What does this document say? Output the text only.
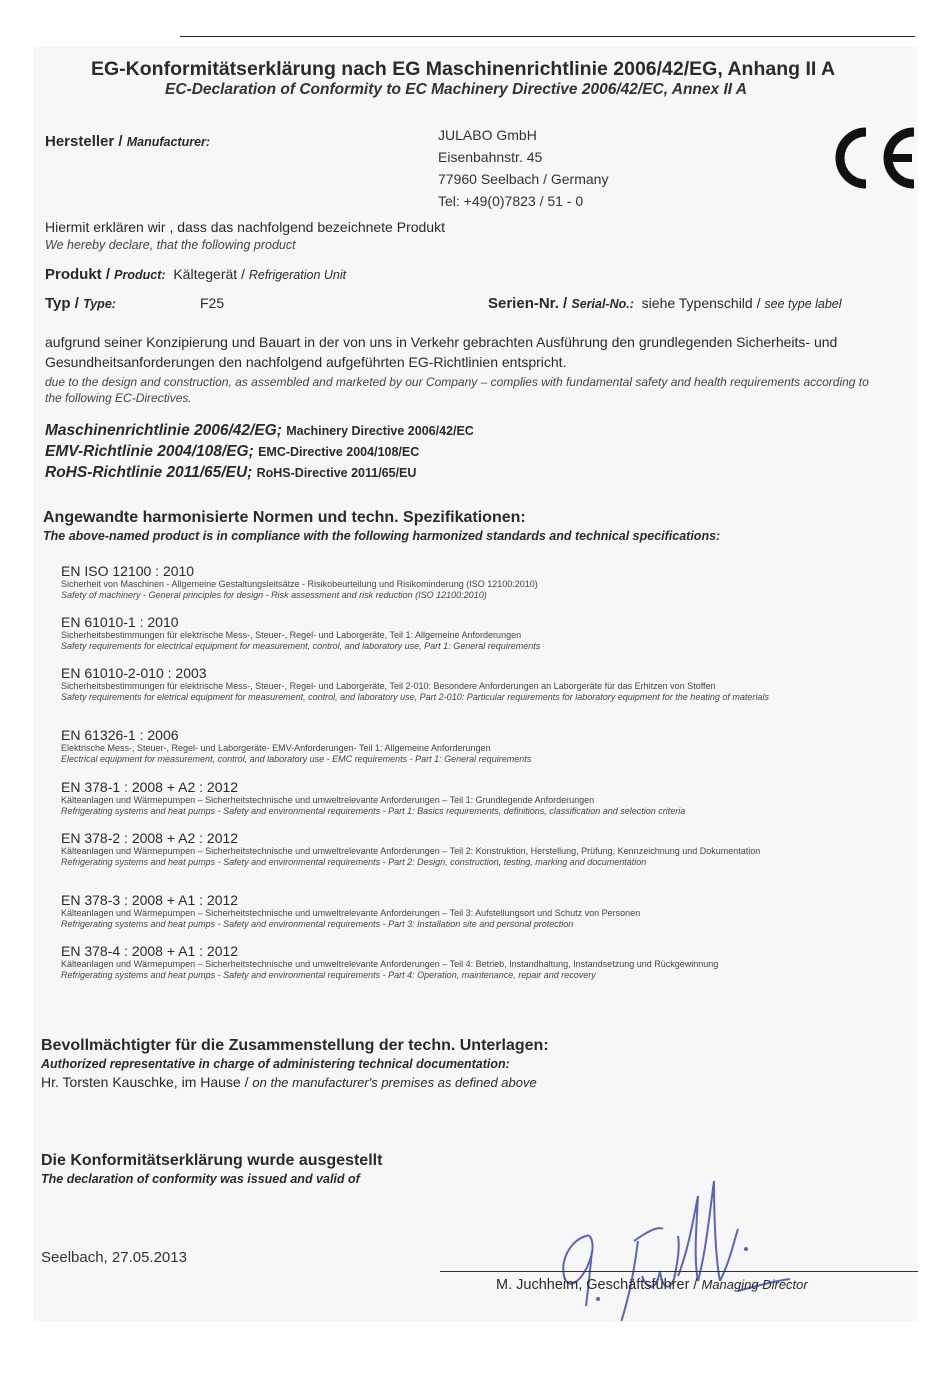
EG-Konformitätserklärung nach EG Maschinenrichtlinie 2006/42/EG, Anhang II A
EC-Declaration of Conformity to EC Machinery Directive 2006/42/EC, Annex II A
Hersteller / Manufacturer:	JULABO GmbH
Eisenbahnstr. 45
77960 Seelbach / Germany
Tel: +49(0)7823 / 51 - 0
Hiermit erklären wir , dass das nachfolgend bezeichnete Produkt
We hereby declare, that the following product
Produkt / Product: Kältegerät / Refrigeration Unit
Typ / Type:	F25	Serien-Nr. / Serial-No.: siehe Typenschild / see type label
aufgrund seiner Konzipierung und Bauart in der von uns in Verkehr gebrachten Ausführung den grundlegenden Sicherheits- und Gesundheitsanforderungen den nachfolgend aufgeführten EG-Richtlinien entspricht.
due to the design and construction, as assembled and marketed by our Company – complies with fundamental safety and health requirements according to the following EC-Directives.
Maschinenrichtlinie 2006/42/EG; Machinery Directive 2006/42/EC
EMV-Richtlinie 2004/108/EG; EMC-Directive 2004/108/EC
RoHS-Richtlinie 2011/65/EU; RoHS-Directive 2011/65/EU
Angewandte harmonisierte Normen und techn. Spezifikationen:
The above-named product is in compliance with the following harmonized standards and technical specifications:
EN ISO 12100 : 2010
Sicherheit von Maschinen - Allgemeine Gestaltungsleitsätze - Risikobeurteilung und Risikominderung (ISO 12100:2010)
Safety of machinery - General principles for design - Risk assessment and risk reduction (ISO 12100:2010)
EN 61010-1 : 2010
Sicherheitsbestimmungen für elektrische Mess-, Steuer-, Regel- und Laborgeräte, Teil 1: Allgemeine Anforderungen
Safety requirements for electrical equipment for measurement, control, and laboratory use, Part 1: General requirements
EN 61010-2-010 : 2003
Sicherheitsbestimmungen für elektrische Mess-, Steuer-, Regel- und Laborgeräte, Teil 2-010: Besondere Anforderungen an Laborgeräte für das Erhitzen von Stoffen
Safety requirements for eletrical equipment for measurement, control, and laboratory use, Part 2-010: Particular requirements for laboratory equipment for the heating of materials
EN 61326-1 : 2006
Elektrische Mess-, Steuer-, Regel- und Laborgeräte- EMV-Anforderungen- Teil 1: Allgemeine Anforderungen
Electrical equipment for measurement, control, and laboratory use - EMC requirements - Part 1: General requirements
EN 378-1 : 2008 + A2 : 2012
Kälteanlagen und Wärmepumpen – Sicherheitstechnische und umweltrelevante Anforderungen – Teil 1: Grundlegende Anforderungen
Refrigerating systems and heat pumps - Safety and environmental requirements - Part 1: Basics requirements, definitions, classification and selection criteria
EN 378-2 : 2008 + A2 : 2012
Kälteanlagen und Wärmepumpen – Sicherheitstechnische und umweltrelevante Anforderungen – Teil 2: Konstruktion, Herstellung, Prüfung, Kennzeichnung und Dokumentation
Refrigerating systems and heat pumps - Safety and environmental requirements - Part 2: Design, construction, testing, marking and documentation
EN 378-3 : 2008 + A1 : 2012
Kälteanlagen und Wärmepumpen – Sicherheitstechnische und umweltrelevante Anforderungen – Teil 3: Aufstellungsort und Schutz von Personen
Refrigerating systems and heat pumps - Safety and environmental requirements - Part 3: Installation site and personal protection
EN 378-4 : 2008 + A1 : 2012
Kälteanlagen und Wärmepumpen – Sicherheitstechnische und umweltrelevante Anforderungen – Teil 4: Betrieb, Instandhaltung, Instandsetzung und Rückgewinnung
Refrigerating systems and heat pumps - Safety and environmental requirements - Part 4: Operation, maintenance, repair and recovery
Bevollmächtigter für die Zusammenstellung der techn. Unterlagen:
Authorized representative in charge of administering technical documentation:
Hr. Torsten Kauschke, im Hause / on the manufacturer's premises as defined above
Die Konformitätserklärung wurde ausgestellt
The declaration of conformity was issued and valid of
Seelbach, 27.05.2013
M. Juchheim, Geschäftsführer / Managing Director
